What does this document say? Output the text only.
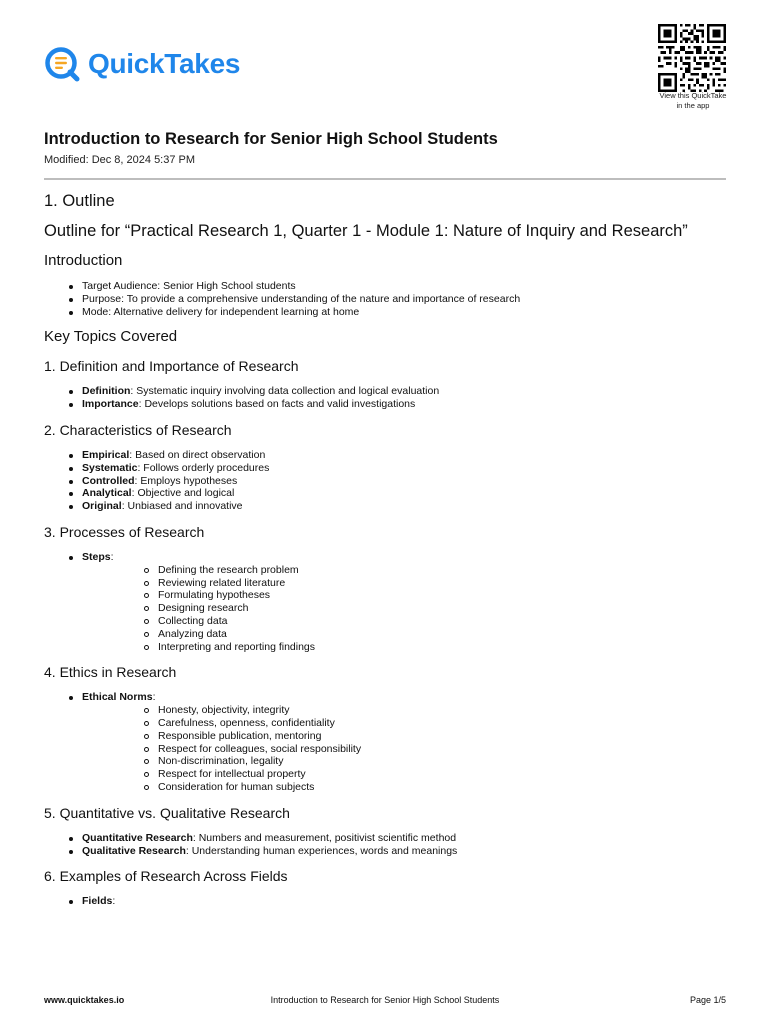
QuickTakes
View this QuickTake
in the app
Introduction to Research for Senior High School Students
Modified: Dec 8, 2024 5:37 PM
1. Outline
Outline for “Practical Research 1, Quarter 1 - Module 1: Nature of Inquiry and Research”
Introduction
Target Audience: Senior High School students
Purpose: To provide a comprehensive understanding of the nature and importance of research
Mode: Alternative delivery for independent learning at home
Key Topics Covered
1. Definition and Importance of Research
Definition: Systematic inquiry involving data collection and logical evaluation
Importance: Develops solutions based on facts and valid investigations
2. Characteristics of Research
Empirical: Based on direct observation
Systematic: Follows orderly procedures
Controlled: Employs hypotheses
Analytical: Objective and logical
Original: Unbiased and innovative
3. Processes of Research
Steps:
Defining the research problem
Reviewing related literature
Formulating hypotheses
Designing research
Collecting data
Analyzing data
Interpreting and reporting findings
4. Ethics in Research
Ethical Norms:
Honesty, objectivity, integrity
Carefulness, openness, confidentiality
Responsible publication, mentoring
Respect for colleagues, social responsibility
Non-discrimination, legality
Respect for intellectual property
Consideration for human subjects
5. Quantitative vs. Qualitative Research
Quantitative Research: Numbers and measurement, positivist scientific method
Qualitative Research: Understanding human experiences, words and meanings
6. Examples of Research Across Fields
Fields:
www.quicktakes.io	Introduction to Research for Senior High School Students	Page 1/5
